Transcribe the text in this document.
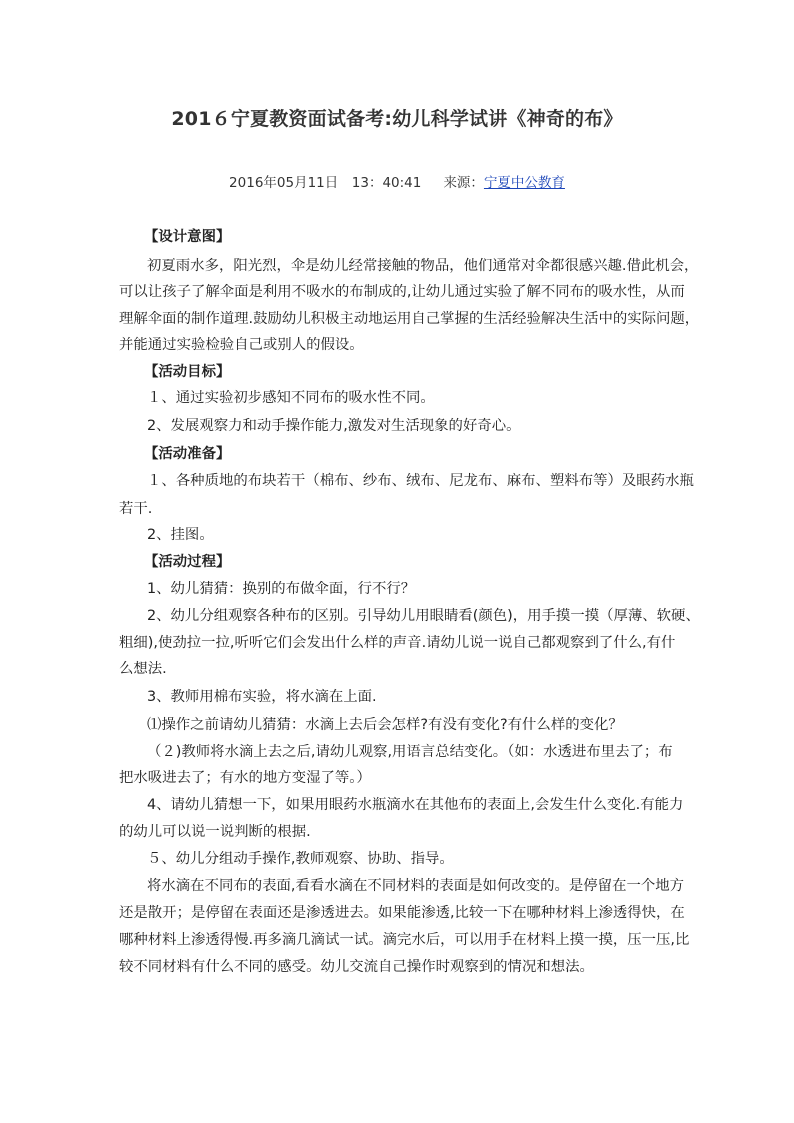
201６宁夏教资面试备考:幼儿科学试讲《神奇的布》
2016年05月11日　13：40:41 　 来源：宁夏中公教育
【设计意图】
初夏雨水多，阳光烈，伞是幼儿经常接触的物品，他们通常对伞都很感兴趣.借此机会，
可以让孩子了解伞面是利用不吸水的布制成的,让幼儿通过实验了解不同布的吸水性，从而
理解伞面的制作道理.鼓励幼儿积极主动地运用自己掌握的生活经验解决生活中的实际问题，
并能通过实验检验自己或别人的假设。
【活动目标】
１、通过实验初步感知不同布的吸水性不同。
2、发展观察力和动手操作能力,激发对生活现象的好奇心。
【活动准备】
１、各种质地的布块若干（棉布、纱布、绒布、尼龙布、麻布、塑料布等）及眼药水瓶
若干.
2、挂图。
【活动过程】
1、幼儿猜猜：换别的布做伞面，行不行？
2、幼儿分组观察各种布的区别。引导幼儿用眼睛看(颜色)，用手摸一摸（厚薄、软硬、
粗细),使劲拉一拉,听听它们会发出什么样的声音.请幼儿说一说自己都观察到了什么,有什
么想法.
3、教师用棉布实验，将水滴在上面.
⑴操作之前请幼儿猜猜：水滴上去后会怎样?有没有变化?有什么样的变化？
（２)教师将水滴上去之后,请幼儿观察,用语言总结变化。（如：水透进布里去了；布
把水吸进去了；有水的地方变湿了等。）
4、请幼儿猜想一下，如果用眼药水瓶滴水在其他布的表面上,会发生什么变化.有能力
的幼儿可以说一说判断的根据.
５、幼儿分组动手操作,教师观察、协助、指导。
将水滴在不同布的表面,看看水滴在不同材料的表面是如何改变的。是停留在一个地方
还是散开；是停留在表面还是渗透进去。如果能渗透,比较一下在哪种材料上渗透得快，在
哪种材料上渗透得慢.再多滴几滴试一试。滴完水后，可以用手在材料上摸一摸，压一压,比
较不同材料有什么不同的感受。幼儿交流自己操作时观察到的情况和想法。
